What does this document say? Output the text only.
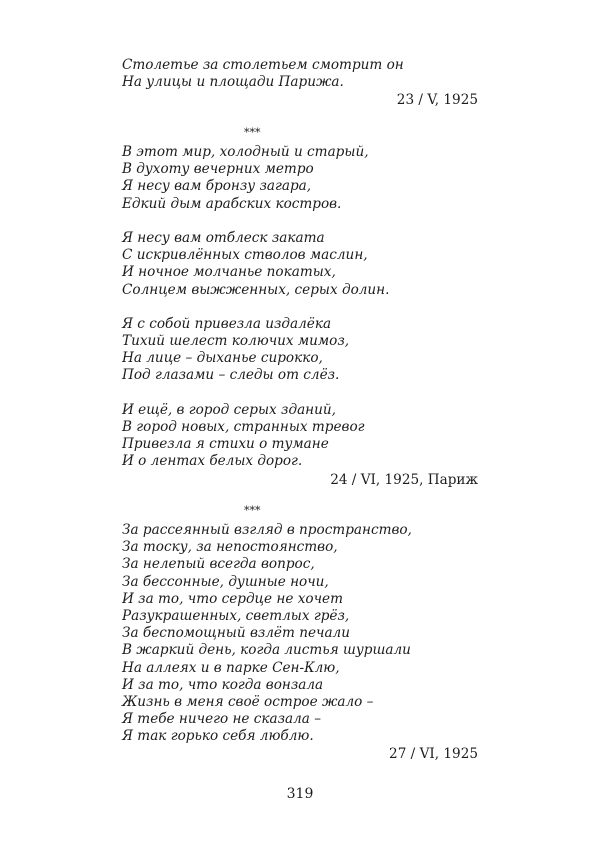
Столетье за столетьем смотрит он
На улицы и площади Парижа.
23 / V, 1925
***
В этот мир, холодный и старый,
В духоту вечерних метро
Я несу вам бронзу загара,
Едкий дым арабских костров.
Я несу вам отблеск заката
С искривлённых стволов маслин,
И ночное молчанье покатых,
Солнцем выжженных, серых долин.
Я с собой привезла издалёка
Тихий шелест колючих мимоз,
На лице – дыханье сирокко,
Под глазами – следы от слёз.
И ещё, в город серых зданий,
В город новых, странных тревог
Привезла я стихи о тумане
И о лентах белых дорог.
24 / VI, 1925, Париж
***
За рассеянный взгляд в пространство,
За тоску, за непостоянство,
За нелепый всегда вопрос,
За бессонные, душные ночи,
И за то, что сердце не хочет
Разукрашенных, светлых грёз,
За беспомощный взлёт печали
В жаркий день, когда листья шуршали
На аллеях и в парке Сен-Клю,
И за то, что когда вонзала
Жизнь в меня своё острое жало –
Я тебе ничего не сказала –
Я так горько себя люблю.
27 / VI, 1925
319
